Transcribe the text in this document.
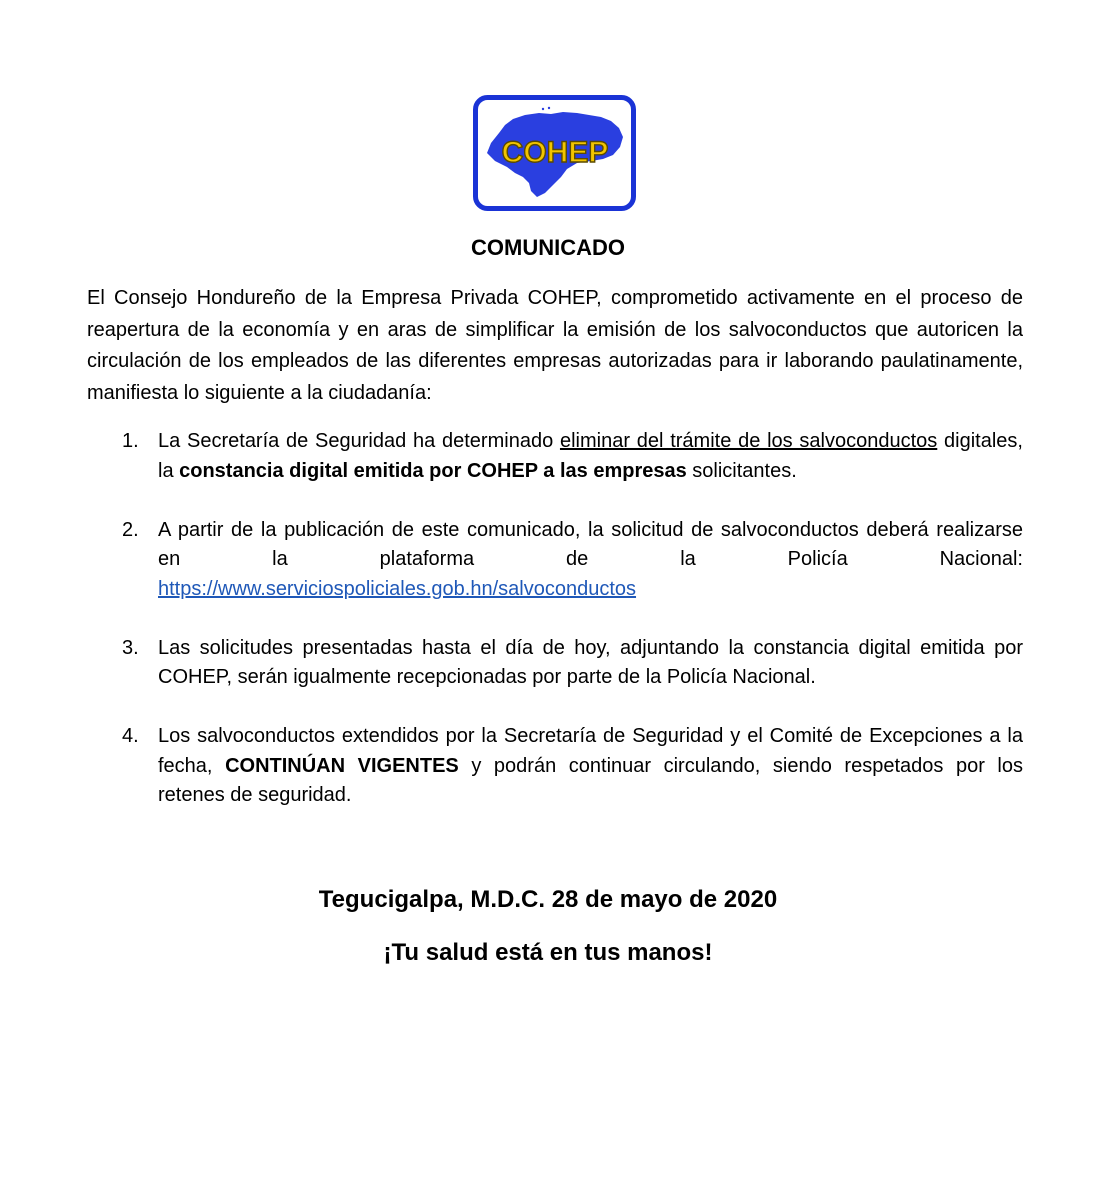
COHEP
COMUNICADO

El Consejo Hondureño de la Empresa Privada COHEP, comprometido activamente en el proceso de reapertura de la economía y en aras de simplificar la emisión de los salvoconductos que autoricen la circulación de los empleados de las diferentes empresas autorizadas para ir laborando paulatinamente, manifiesta lo siguiente a la ciudadanía:

1. La Secretaría de Seguridad ha determinado eliminar del trámite de los salvoconductos digitales, la constancia digital emitida por COHEP a las empresas solicitantes.
2. A partir de la publicación de este comunicado, la solicitud de salvoconductos deberá realizarse en la plataforma de la Policía Nacional:
https://www.serviciospoliciales.gob.hn/salvoconductos
3. Las solicitudes presentadas hasta el día de hoy, adjuntando la constancia digital emitida por COHEP, serán igualmente recepcionadas por parte de la Policía Nacional.
4. Los salvoconductos extendidos por la Secretaría de Seguridad y el Comité de Excepciones a la fecha, CONTINÚAN VIGENTES y podrán continuar circulando, siendo respetados por los retenes de seguridad.

Tegucigalpa, M.D.C. 28 de mayo de 2020

¡Tu salud está en tus manos!
